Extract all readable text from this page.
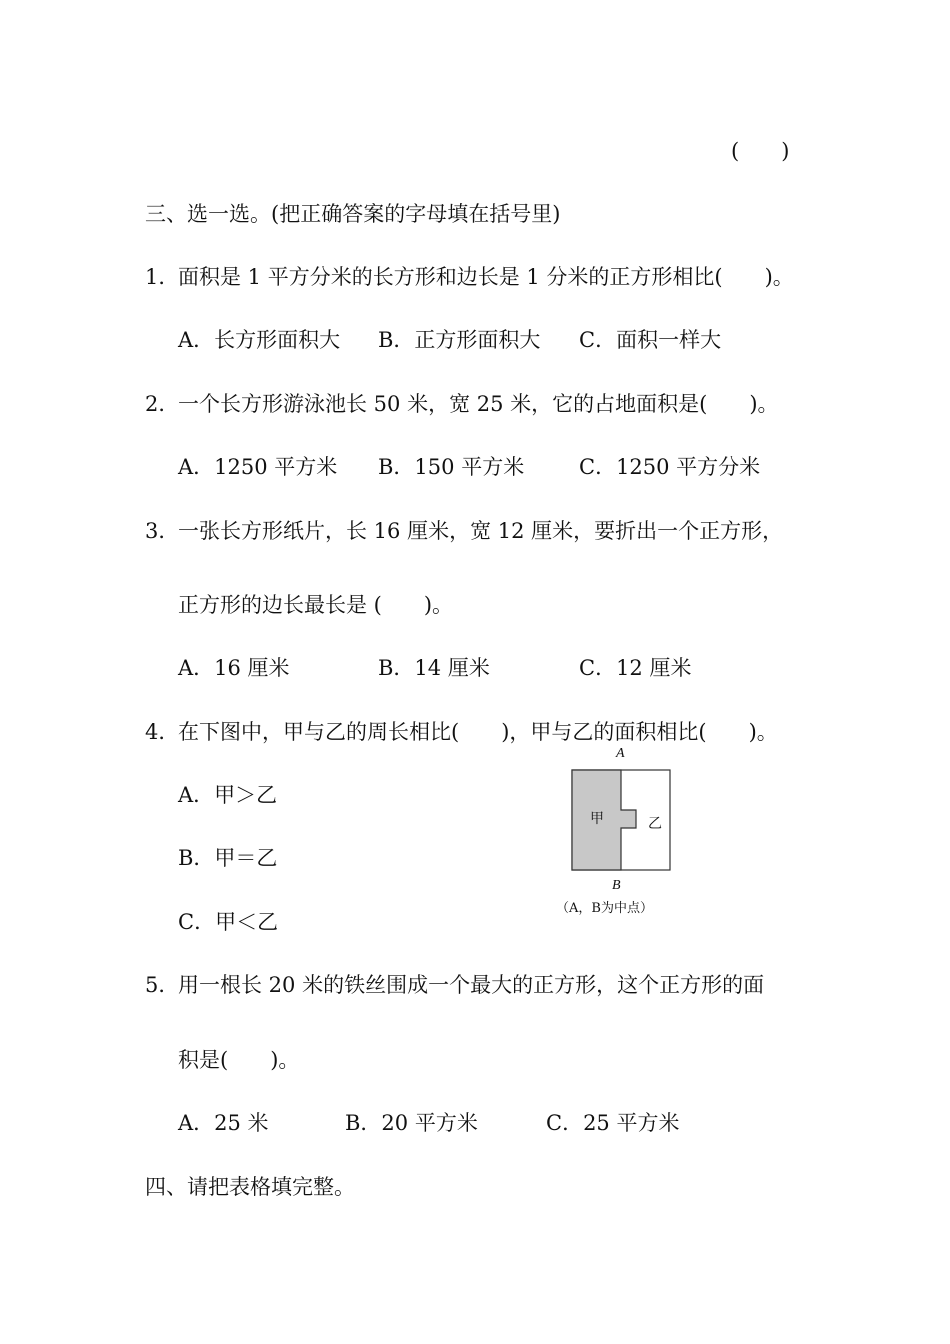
(　　)
三、选一选。(把正确答案的字母填在括号里)
1．
面积是 1 平方分米的长方形和边长是 1 分米的正方形相比(　　)。
A．长方形面积大 B．正方形面积大 C．面积一样大
2．
一个长方形游泳池长 50 米，宽 25 米，它的占地面积是(　　)。
A．1250 平方米 B．150 平方米	C．1250 平方分米
3．
一张长方形纸片，长 16 厘米，宽 12 厘米，要折出一个正方形，
正方形的边长最长是 (　　)。
A．16 厘米	B．14 厘米	C．12 厘米
4．
在下图中，甲与乙的周长相比(　　)，甲与乙的面积相比(　　)。
A．甲＞乙
B．甲＝乙
C．甲＜乙
A
甲	乙
B
（A，B为中点）
5．
用一根长 20 米的铁丝围成一个最大的正方形，这个正方形的面
积是(　　)。
A．25 米	B．20 平方米	C．25 平方米
四、请把表格填完整。
